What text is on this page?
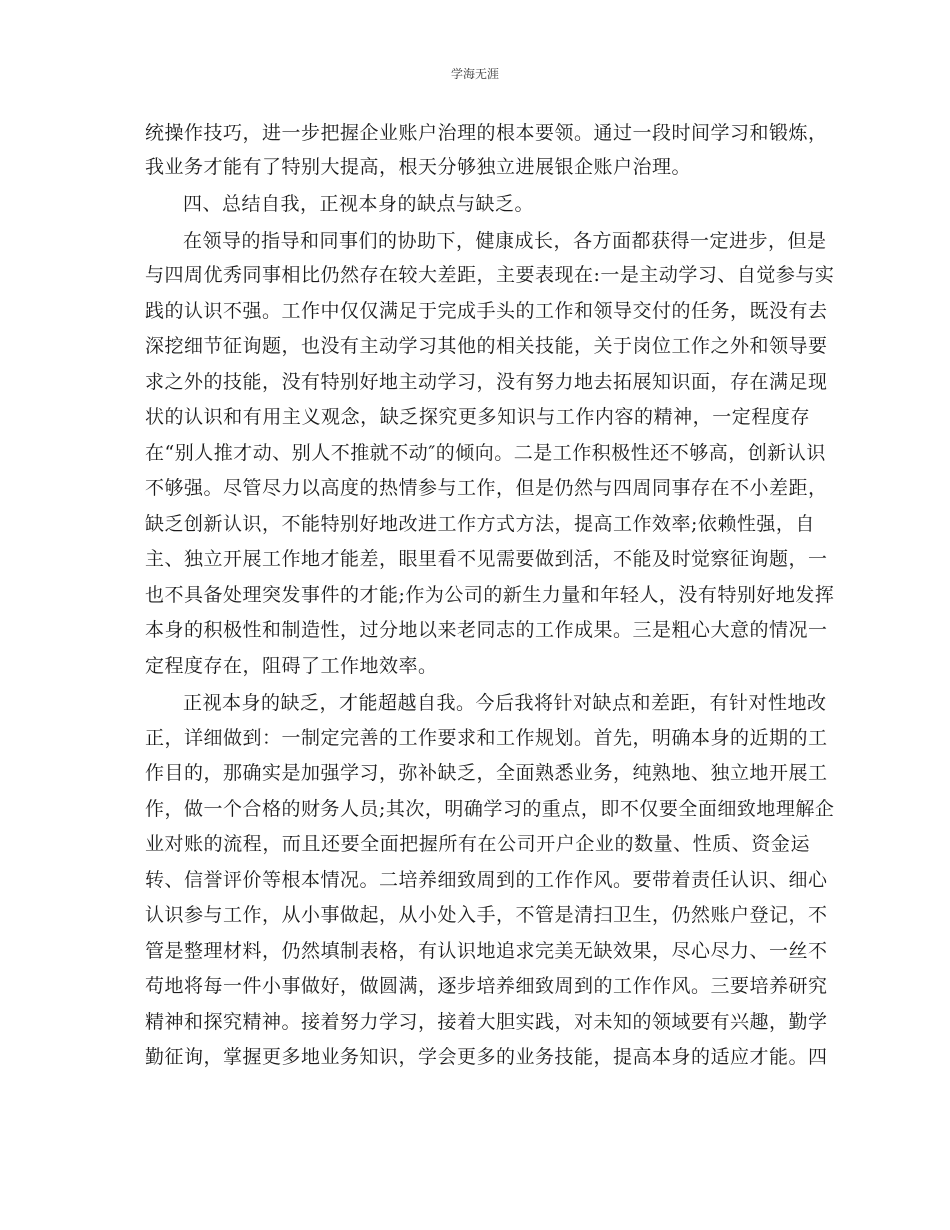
学海无涯
统操作技巧，进一步把握企业账户治理的根本要领。通过一段时间学习和锻炼，
我业务才能有了特别大提高，根天分够独立进展银企账户治理。
四、总结自我，正视本身的缺点与缺乏。
在领导的指导和同事们的协助下，健康成长，各方面都获得一定进步，但是
与四周优秀同事相比仍然存在较大差距，主要表现在:一是主动学习、自觉参与实
践的认识不强。工作中仅仅满足于完成手头的工作和领导交付的任务，既没有去
深挖细节征询题，也没有主动学习其他的相关技能，关于岗位工作之外和领导要
求之外的技能，没有特别好地主动学习，没有努力地去拓展知识面，存在满足现
状的认识和有用主义观念，缺乏探究更多知识与工作内容的精神，一定程度存
在“别人推才动、别人不推就不动″的倾向。二是工作积极性还不够高，创新认识
不够强。尽管尽力以高度的热情参与工作，但是仍然与四周同事存在不小差距，
缺乏创新认识，不能特别好地改进工作方式方法，提高工作效率;依赖性强，自
主、独立开展工作地才能差，眼里看不见需要做到活，不能及时觉察征询题，一
也不具备处理突发事件的才能;作为公司的新生力量和年轻人，没有特别好地发挥
本身的积极性和制造性，过分地以来老同志的工作成果。三是粗心大意的情况一
定程度存在，阻碍了工作地效率。
正视本身的缺乏，才能超越自我。今后我将针对缺点和差距，有针对性地改
正，详细做到：一制定完善的工作要求和工作规划。首先，明确本身的近期的工
作目的，那确实是加强学习，弥补缺乏，全面熟悉业务，纯熟地、独立地开展工
作，做一个合格的财务人员;其次，明确学习的重点，即不仅要全面细致地理解企
业对账的流程，而且还要全面把握所有在公司开户企业的数量、性质、资金运
转、信誉评价等根本情况。二培养细致周到的工作作风。要带着责任认识、细心
认识参与工作，从小事做起，从小处入手，不管是清扫卫生，仍然账户登记，不
管是整理材料，仍然填制表格，有认识地追求完美无缺效果，尽心尽力、一丝不
苟地将每一件小事做好，做圆满，逐步培养细致周到的工作作风。三要培养研究
精神和探究精神。接着努力学习，接着大胆实践，对未知的领域要有兴趣，勤学
勤征询，掌握更多地业务知识，学会更多的业务技能，提高本身的适应才能。四
